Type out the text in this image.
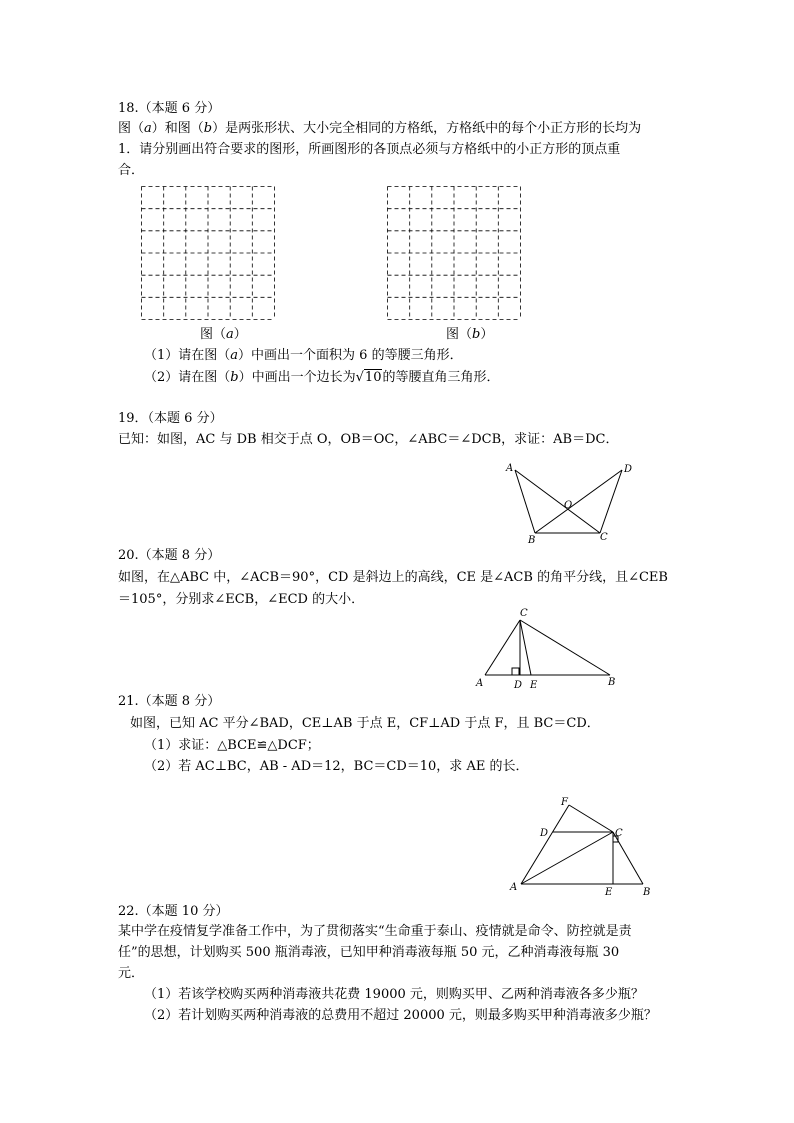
18.（本题 6 分）
图（a）和图（b）是两张形状、大小完全相同的方格纸，方格纸中的每个小正方形的长均为
1．请分别画出符合要求的图形，所画图形的各顶点必须与方格纸中的小正方形的顶点重
合．
图（a）	图（b）
（1）请在图（a）中画出一个面积为 6 的等腰三角形．
（2）请在图（b）中画出一个边长为√10的等腰直角三角形．
19．（本题 6 分）
已知：如图，AC 与 DB 相交于点 O，OB＝OC，∠ABC＝∠DCB，求证：AB＝DC．
A	D
O
B	C
20.（本题 8 分）
如图，在△ABC 中，∠ACB＝90°，CD 是斜边上的高线，CE 是∠ACB 的角平分线，且∠CEB
＝105°，分别求∠ECB，∠ECD 的大小．
C
A	D E	B
21.（本题 8 分）
如图，已知 AC 平分∠BAD，CE⊥AB 于点 E，CF⊥AD 于点 F，且 BC＝CD．
（1）求证：△BCE≌△DCF；
（2）若 AC⊥BC，AB - AD＝12，BC＝CD＝10，求 AE 的长．
F
D	C
A	E	B
22.（本题 10 分）
某中学在疫情复学准备工作中，为了贯彻落实“生命重于泰山、疫情就是命令、防控就是责
任”的思想，计划购买 500 瓶消毒液，已知甲种消毒液每瓶 50 元，乙种消毒液每瓶 30
元．
（1）若该学校购买两种消毒液共花费 19000 元，则购买甲、乙两种消毒液各多少瓶？
（2）若计划购买两种消毒液的总费用不超过 20000 元，则最多购买甲种消毒液多少瓶？
